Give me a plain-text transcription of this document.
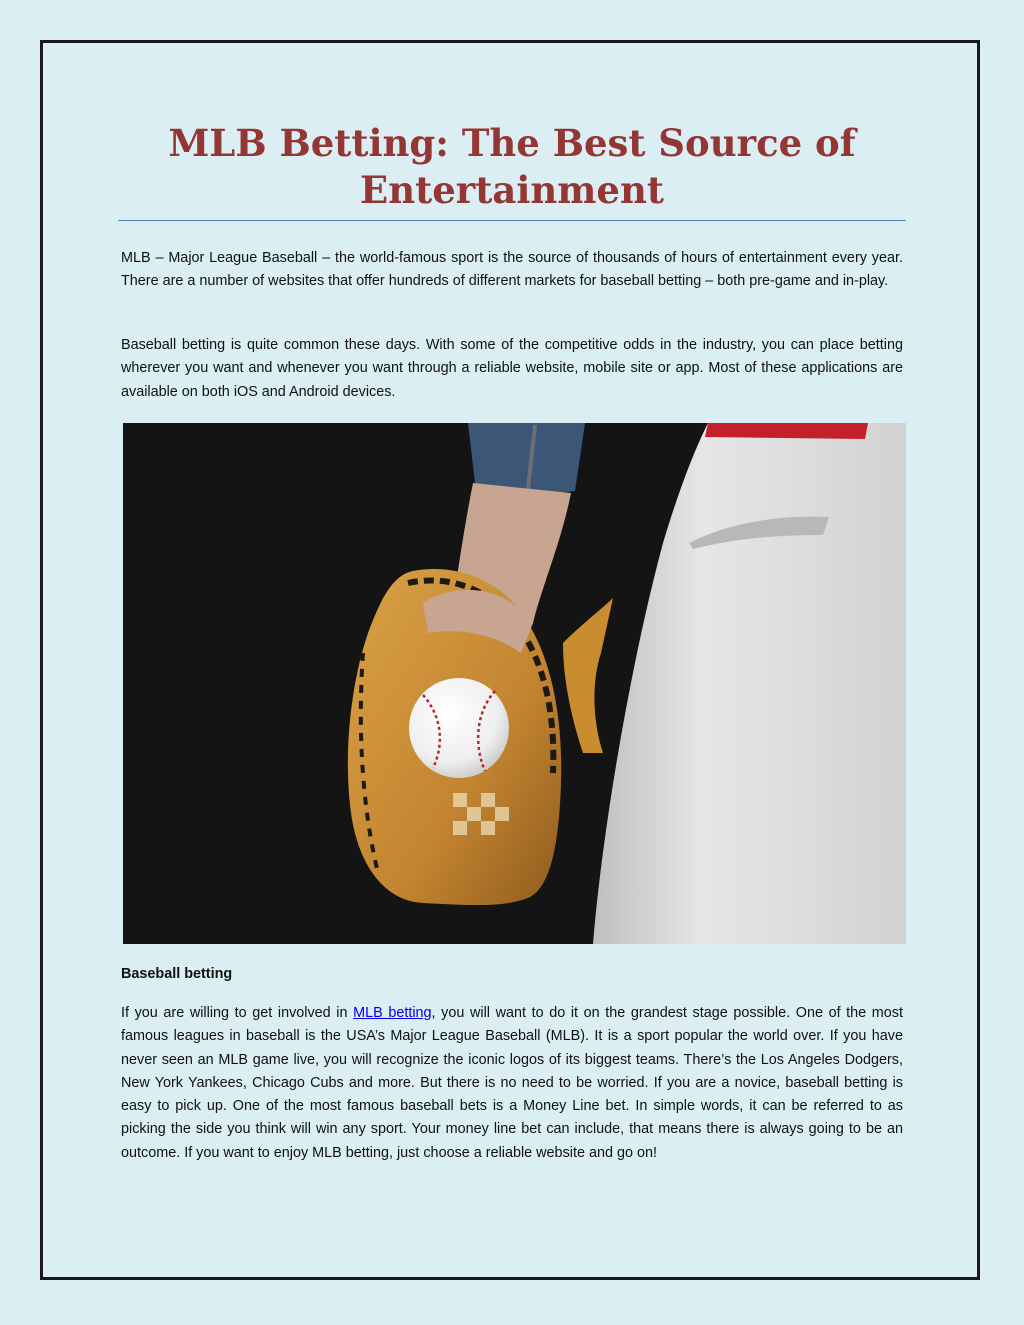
MLB Betting: The Best Source of Entertainment

MLB – Major League Baseball – the world-famous sport is the source of thousands of hours of entertainment every year. There are a number of websites that offer hundreds of different markets for baseball betting – both pre-game and in-play.

Baseball betting is quite common these days. With some of the competitive odds in the industry, you can place betting wherever you want and whenever you want through a reliable website, mobile site or app. Most of these applications are available on both iOS and Android devices.

Baseball betting

If you are willing to get involved in MLB betting, you will want to do it on the grandest stage possible. One of the most famous leagues in baseball is the USA’s Major League Baseball (MLB). It is a sport popular the world over. If you have never seen an MLB game live, you will recognize the iconic logos of its biggest teams. There’s the Los Angeles Dodgers, New York Yankees, Chicago Cubs and more. But there is no need to be worried. If you are a novice, baseball betting is easy to pick up. One of the most famous baseball bets is a Money Line bet. In simple words, it can be referred to as picking the side you think will win any sport. Your money line bet can include, that means there is always going to be an outcome. If you want to enjoy MLB betting, just choose a reliable website and go on!
